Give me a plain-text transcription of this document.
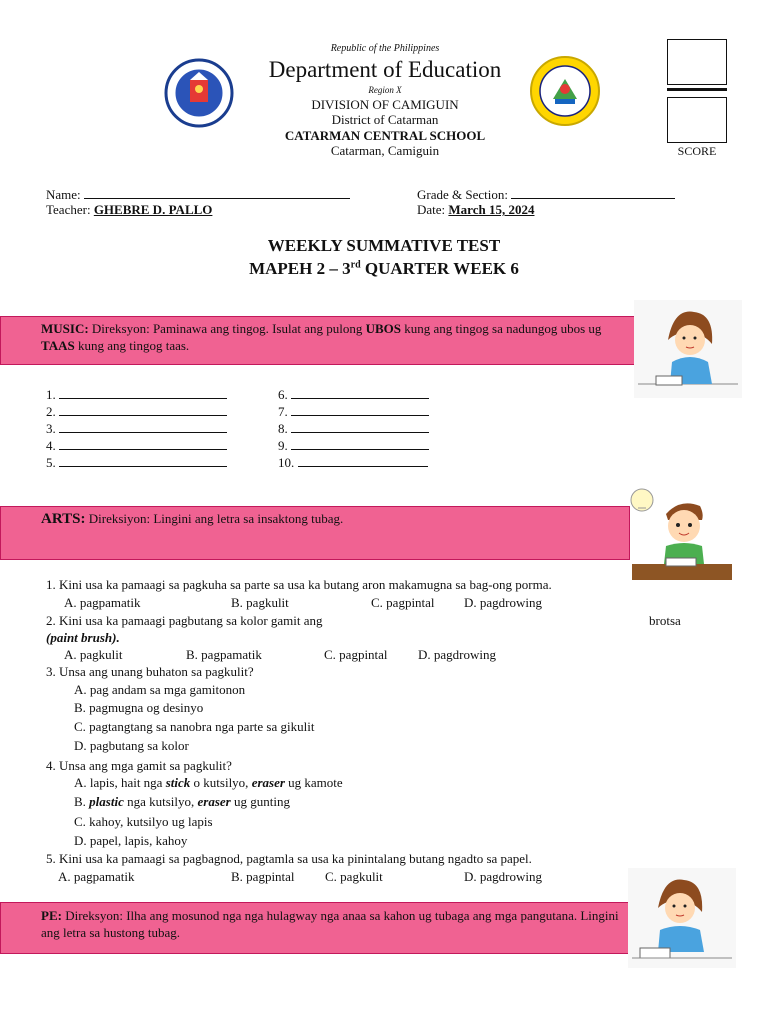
Republic of the Philippines
Department of Education
Region X
DIVISION OF CAMIGUIN
District of Catarman
CATARMAN CENTRAL SCHOOL
Catarman, Camiguin	SCORE
Name:	Grade & Section:
Teacher: GHEBRE D. PALLO	Date: March 15, 2024
WEEKLY SUMMATIVE TEST
MAPEH 2 – 3rd QUARTER WEEK 6
MUSIC: Direksyon: Paminawa ang tingog. Isulat ang pulong UBOS kung ang tingog sa nadungog ubos ug TAAS kung ang tingog taas.
1.
2.
3.
4.
5.
6.
7.
8.
9.
10.
ARTS: Direksiyon: Lingini ang letra sa insaktong tubag.
1. Kini usa ka pamaagi sa pagkuha sa parte sa usa ka butang aron makamugna sa bag-ong porma.
A. pagpamatik	B. pagkulit	C. pagpintal D. pagdrowing
2. Kini usa ka pamaagi pagbutang sa kolor gamit ang	brotsa
(paint brush).
A. pagkulit	B. pagpamatik	C. pagpintal D. pagdrowing
3. Unsa ang unang buhaton sa pagkulit?
A. pag andam sa mga gamitonon
B. pagmugna og desinyo
C. pagtangtang sa nanobra nga parte sa gikulit
D. pagbutang sa kolor
4. Unsa ang mga gamit sa pagkulit?
A. lapis, hait nga stick o kutsilyo, eraser ug kamote
B. plastic nga kutsilyo, eraser ug gunting
C. kahoy, kutsilyo ug lapis
D. papel, lapis, kahoy
5. Kini usa ka pamaagi sa pagbagnod, pagtamla sa usa ka pinintalang butang ngadto sa papel.
A. pagpamatik	B. pagpintal C. pagkulit	D. pagdrowing
PE: Direksyon: Ilha ang mosunod nga nga hulagway nga anaa sa kahon ug tubaga ang mga pangutana. Lingini ang letra sa hustong tubag.
